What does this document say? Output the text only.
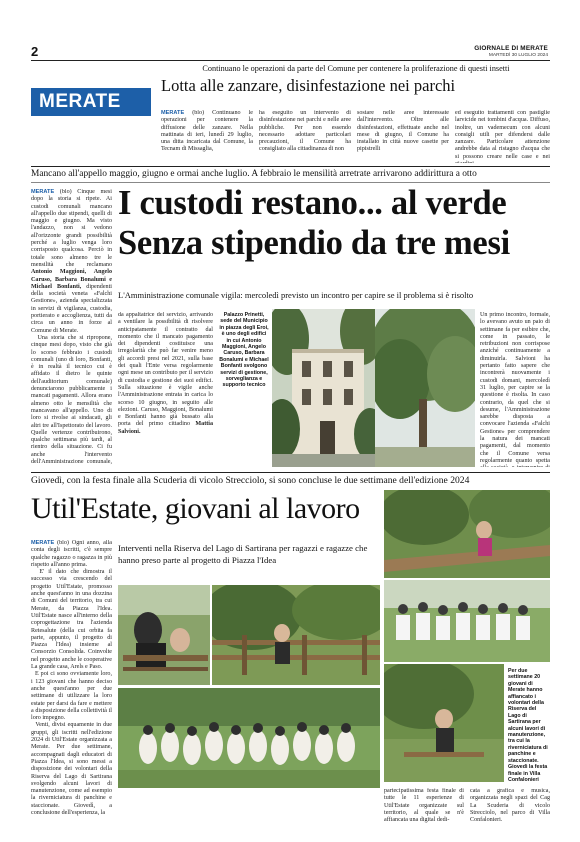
2	GIORNALE DI MERATE
MARTEDÌ 30 LUGLIO 2024
MERATE
Continuano le operazioni da parte del Comune per contenere la proliferazione di questi insetti
Lotta alle zanzare, disinfestazione nei parchi
MERATE (blo) Continuano le operazioni per contenere la diffusione delle zanzare. Nella mattinata di ieri, lunedì 29 luglio, una ditta incaricata dal Comune, la Tecnam di Missaglia,
ha eseguito un intervento di disinfestazione nei parchi e nelle aree pubbliche. Per non essendo necessario adottare particolari precauzioni, il Comune ha consigliato alla cittadinanza di non
sostare nelle aree interessate dall'intervento. Oltre alle disinfestazioni, effettuate anche nel mese di giugno, il Comune ha installato in città nuove casette per pipistrelli
ed eseguito trattamenti con pastiglie larvicide nei tombini d'acqua. Diffuso, inoltre, un vademecum con alcuni consigli utili per difendersi dalle zanzare. Particolare attenzione andrebbe data al ristagno d'acqua che si possono creare nelle case e nei
Mancano all'appello maggio, giugno e ormai anche luglio. A febbraio le mensilità arretrate arrivarono addirittura a otto
I custodi restano... al verde
Senza stipendio da tre mesi
L'Amministrazione comunale vigila: mercoledì previsto un incontro per capire se il problema si è risolto
MERATE (blo) Cinque mesi dopo la storia si ripete. Ai custodi comunali mancano all'appello due stipendi, quelli di maggio e giugno. Ma visto l'andazzo, non si vedono all'orizzonte grandi possibilità perché a luglio venga loro corrisposto qualcosa. Perciò in totale sono almeno tre le mensilità che reclamano Antonio Maggioni, Angelo Caruso, Barbara Bonalumi e Michael Bonfanti, dipendenti della società veneta «Falchi Gestione», azienda specializzata in servizi di vigilanza, custodia, portierato e accoglienza, tutti da circa un anno in forze al Comune di Merate.
Una storia che si ripropone, cinque mesi dopo, visto che già lo scorso febbraio i custodi comunali (uno di loro, Bonfanti, è in realtà il tecnico cui è affidato il dietro le quinte dell'auditorium comunale) denunciarono pubblicamente i mancati pagamenti. Allora erano almeno otto le mensilità che mancavano all'appello. Uno di loro si rivolse ai sindacati, gli altri tre all'Ispettorato del lavoro. Quelle vertenze contribuirono, qualche settimana più tardi, al rientro della situazione. Ci fu anche l'intervento dell'Amministrazione comunale,
da appaltatrice del servizio, arrivando a ventilare la possibilità di risolvere anticipatamente il contratto dal momento che il mancato pagamento dei dipendenti costituisce una irregolarità che può far venire meno gli accordi presi nel 2021, sulla base dei quali l'Ente versa regolarmente ogni mese un contributo per il servizio di custodia e gestione dei suoi edifici. Sulla situazione è vigile anche l'Amministrazione entrata in carica lo scorso 10 giugno, in seguito alle elezioni. Caruso, Maggioni, Bonalumi e Bonfanti hanno già bussato alla porta del primo cittadino Mattia Salvioni.
Palazzo Prinetti, sede del Municipio in piazza degli Eroi, è uno degli edifici in cui Antonio Maggioni, Angelo Caruso, Barbara Bonalumi e Michael Bonfanti svolgono servizi di gestione, sorveglianza e supporto tecnico
Un primo incontro, formale, lo avevano avuto un paio di settimane fa per esibire che, come in passato, le retribuzioni non corrispose anziché continuamente a diminuirla. Salvioni ha pertanto fatto sapere che incontrerà nuovamente i custodi domani, mercoledì 31 luglio, per capire se la questione è risolta. In caso contrario, da quel che si desume, l'Amministrazione sarebbe disposta a convocare l'azienda «Falchi Gestione» per comprendere la natura dei mancati pagamenti, dal momento che il Comune versa regolarmente quanto spetta
Giovedì, con la festa finale alla Scuderia di vicolo Strecciolo, si sono concluse le due settimane dell'edizione 2024
Util'Estate, giovani al lavoro
Interventi nella Riserva del Lago di Sartirana per ragazzi e ragazze che hanno preso parte al progetto di Piazza l'Idea
MERATE (blo) Ogni anno, alla conta degli iscritti, c'è sempre qualche ragazzo o ragazza in più rispetto all'anno prima.
E' il dato che dimostra il successo via crescendo del progetto Util'Estate, promosso anche quest'anno in una dozzina di Comuni del territorio, tra cui Merate, da Piazza l'Idea. Util'Estate nasce all'interno della coprogettazione tra l'azienda Retesalute (della cui orbita fa parte, appunto, il progetto di Piazza l'Idea) insieme al Consorzio Consolida. Coinvolte nel progetto anche le cooperative La grande casa, Arels e Paso.
E poi ci sono ovviamente loro, i 123 giovani che hanno deciso anche quest'anno per due settimane di utilizzare la loro estate per darsi da fare e mettere a disposizione della collettività il loro impegno.
Venti, divisi equamente in due gruppi, gli iscritti nell'edizione 2024 di Util'Estate organizzata a Merate. Per due settimane, accompagnati dagli educatori di Piazza l'Idea, si sono messi a disposizione dei volontari della Riserva del Lago di Sartirana svolgendo alcuni lavori di manutenzione, come ad esempio la riverniciatura di panchine e staccionate. Giovedì, a conclusione dell'esperienza, la
Per due settimane 20 giovani di Merate hanno affiancato i volontari della Riserva del Lago di Sartirana per alcuni lavori di manutenzione, tra cui la riverniciatura di panchine e staccionate. Giovedì la festa finale in Villa Confalonieri
partecipatissima festa finale di tutte le 11 esperienze di Util'Estate organizzate sul territorio, al quale se n'è affiancata una digital dedi-
cata a grafica e musica, organizzata negli spazi del Cag La Scuderia di vicolo Strecciolo, nel parco di Villa Confalonieri.
